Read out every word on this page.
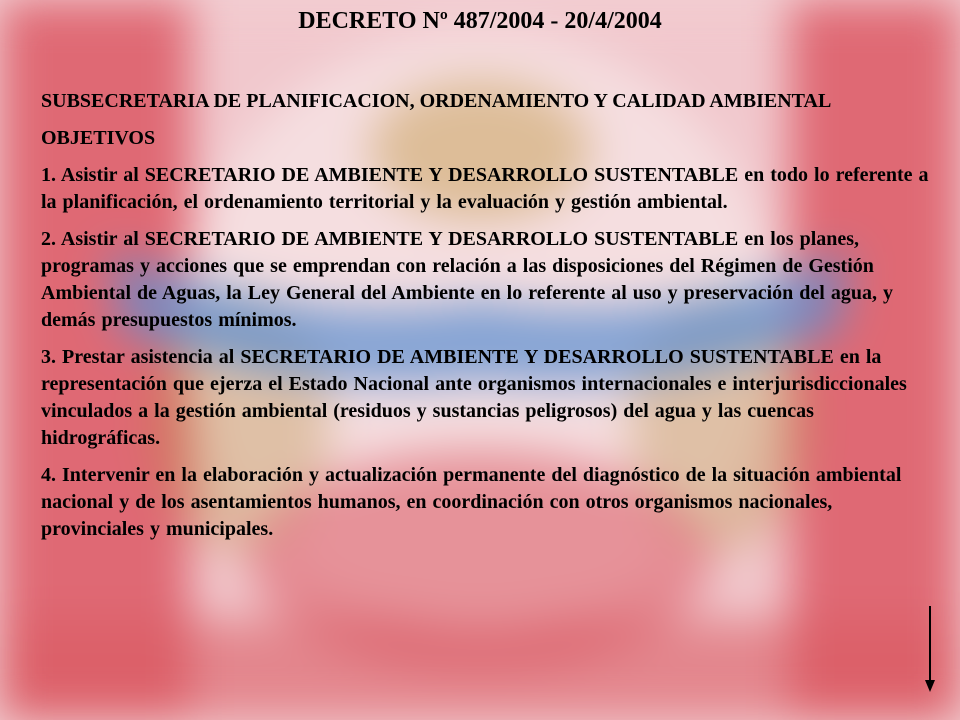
DECRETO Nº 487/2004 - 20/4/2004

SUBSECRETARIA DE PLANIFICACION, ORDENAMIENTO Y CALIDAD AMBIENTAL

OBJETIVOS

1. Asistir al SECRETARIO DE AMBIENTE Y DESARROLLO SUSTENTABLE en todo lo referente a la planificación, el ordenamiento territorial y la evaluación y gestión ambiental.

2. Asistir al SECRETARIO DE AMBIENTE Y DESARROLLO SUSTENTABLE en los planes, programas y acciones que se emprendan con relación a las disposiciones del Régimen de Gestión Ambiental de Aguas, la Ley General del Ambiente en lo referente al uso y preservación del agua, y demás presupuestos mínimos.

3. Prestar asistencia al SECRETARIO DE AMBIENTE Y DESARROLLO SUSTENTABLE en la representación que ejerza el Estado Nacional ante organismos internacionales e interjurisdiccionales vinculados a la gestión ambiental (residuos y sustancias peligrosos) del agua y las cuencas hidrográficas.

4. Intervenir en la elaboración y actualización permanente del diagnóstico de la situación ambiental nacional y de los asentamientos humanos, en coordinación con otros organismos nacionales, provinciales y municipales.
